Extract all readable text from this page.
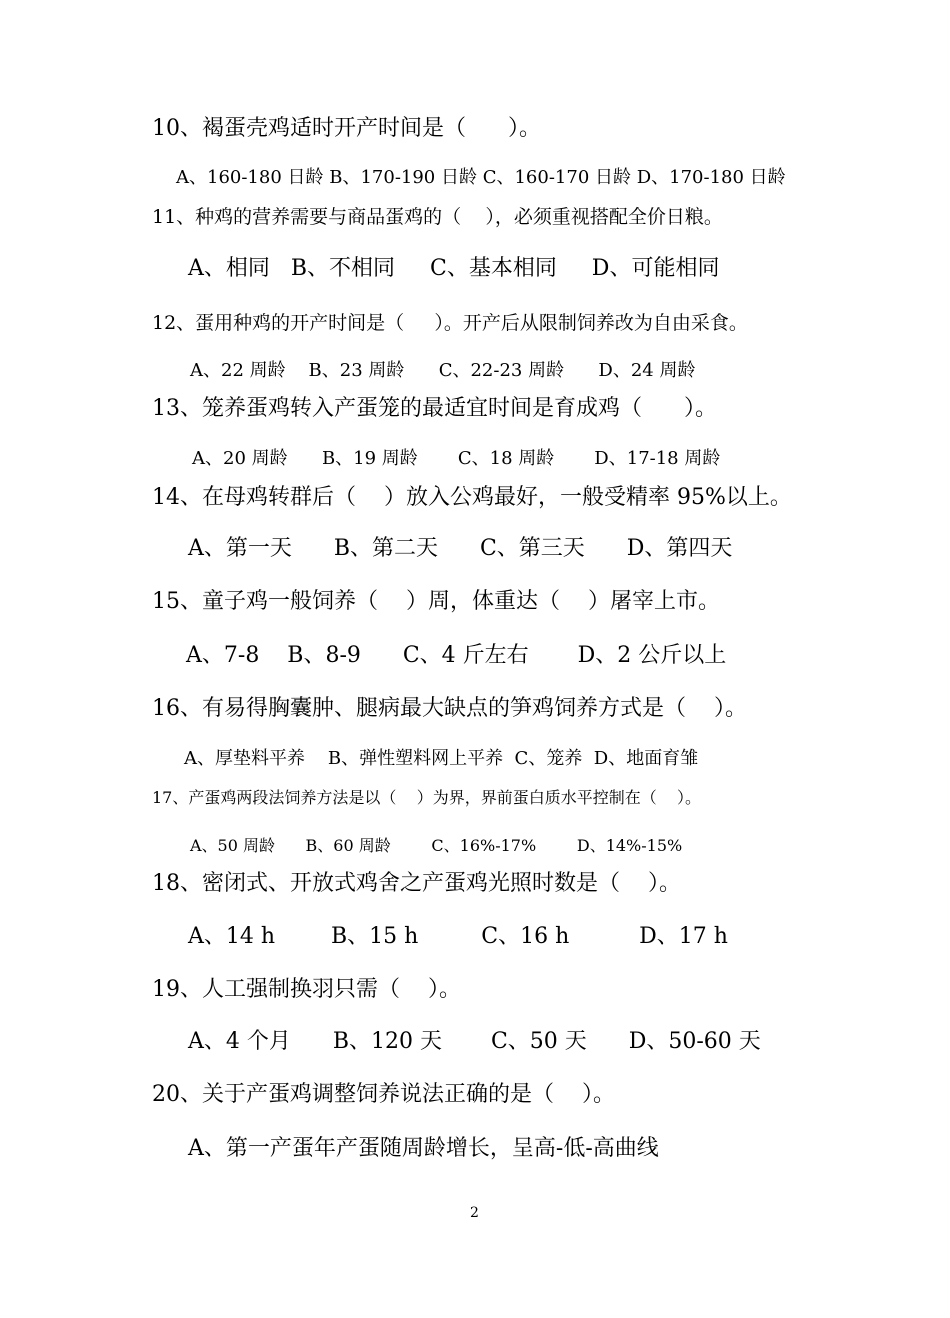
10、褐蛋壳鸡适时开产时间是（      ）。
A、160-180 日龄 B、170-190 日龄 C、160-170 日龄 D、170-180 日龄
11、种鸡的营养需要与商品蛋鸡的（    ），必须重视搭配全价日粮。
A、相同   B、不相同     C、基本相同     D、可能相同
12、蛋用种鸡的开产时间是（     ）。开产后从限制饲养改为自由采食。
A、22 周龄    B、23 周龄      C、22-23 周龄      D、24 周龄
13、笼养蛋鸡转入产蛋笼的最适宜时间是育成鸡（      ）。
A、20 周龄      B、19 周龄       C、18 周龄       D、17-18 周龄
14、在母鸡转群后（    ）放入公鸡最好，一般受精率 95%以上。
A、第一天      B、第二天      C、第三天      D、第四天
15、童子鸡一般饲养（    ）周，体重达（    ）屠宰上市。
A、7-8    B、8-9      C、4 斤左右       D、2 公斤以上
16、有易得胸囊肿、腿病最大缺点的笋鸡饲养方式是（    ）。
A、厚垫料平养    B、弹性塑料网上平养  C、笼养  D、地面育雏
17、产蛋鸡两段法饲养方法是以（    ）为界，界前蛋白质水平控制在（    ）。
A、50 周龄      B、60 周龄        C、16%-17%        D、14%-15%
18、密闭式、开放式鸡舍之产蛋鸡光照时数是（    ）。
A、14 h        B、15 h         C、16 h          D、17 h
19、人工强制换羽只需（    ）。
A、4 个月      B、120 天       C、50 天      D、50-60 天
20、关于产蛋鸡调整饲养说法正确的是（    ）。
A、第一产蛋年产蛋随周龄增长，呈高-低-高曲线
2
